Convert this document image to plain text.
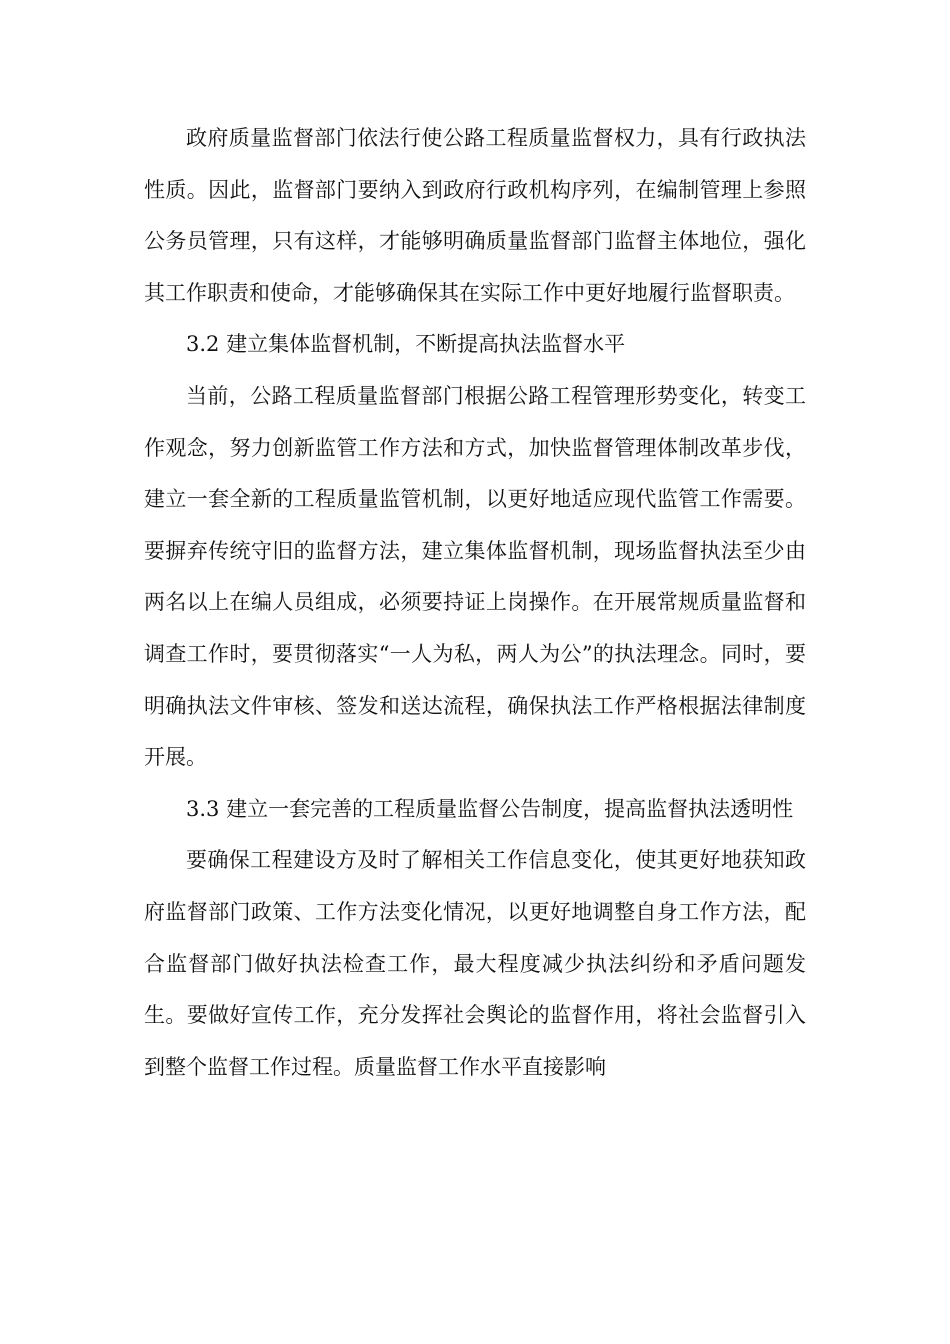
政府质量监督部门依法行使公路工程质量监督权力，具有行政执法性质。因此，监督部门要纳入到政府行政机构序列，在编制管理上参照公务员管理，只有这样，才能够明确质量监督部门监督主体地位，强化其工作职责和使命，才能够确保其在实际工作中更好地履行监督职责。

3.2 建立集体监督机制，不断提高执法监督水平

当前，公路工程质量监督部门根据公路工程管理形势变化，转变工作观念，努力创新监管工作方法和方式，加快监督管理体制改革步伐，建立一套全新的工程质量监管机制，以更好地适应现代监管工作需要。要摒弃传统守旧的监督方法，建立集体监督机制，现场监督执法至少由两名以上在编人员组成，必须要持证上岗操作。在开展常规质量监督和调查工作时，要贯彻落实“一人为私，两人为公”的执法理念。同时，要明确执法文件审核、签发和送达流程，确保执法工作严格根据法律制度开展。

3.3 建立一套完善的工程质量监督公告制度，提高监督执法透明性

要确保工程建设方及时了解相关工作信息变化，使其更好地获知政府监督部门政策、工作方法变化情况，以更好地调整自身工作方法，配合监督部门做好执法检查工作，最大程度减少执法纠纷和矛盾问题发生。要做好宣传工作，充分发挥社会舆论的监督作用，将社会监督引入到整个监督工作过程。质量监督工作水平直接影响
